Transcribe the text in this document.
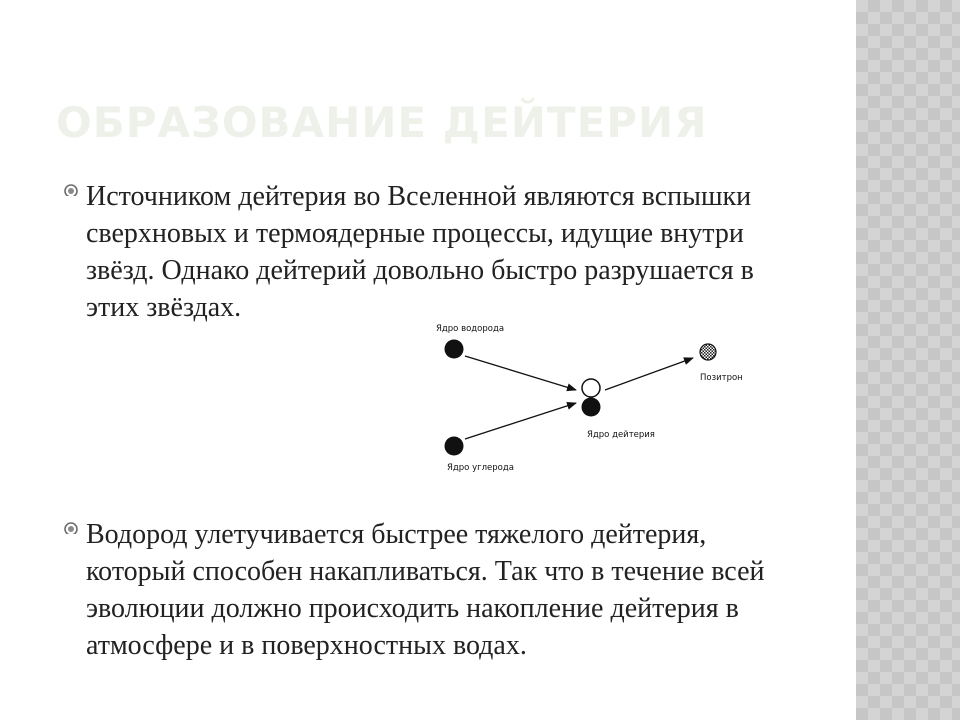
ОБРАЗОВАНИЕ ДЕЙТЕРИЯ

Источником дейтерия во Вселенной являются вспышки сверхновых и термоядерные процессы, идущие внутри звёзд. Однако дейтерий довольно быстро разрушается в этих звёздах.

Ядро водорода
Ядро углерода
Ядро дейтерия
Позитрон

Водород улетучивается быстрее тяжелого дейтерия, который способен накапливаться. Так что в течение всей эволюции должно происходить накопление дейтерия в атмосфере и в поверхностных водах.
